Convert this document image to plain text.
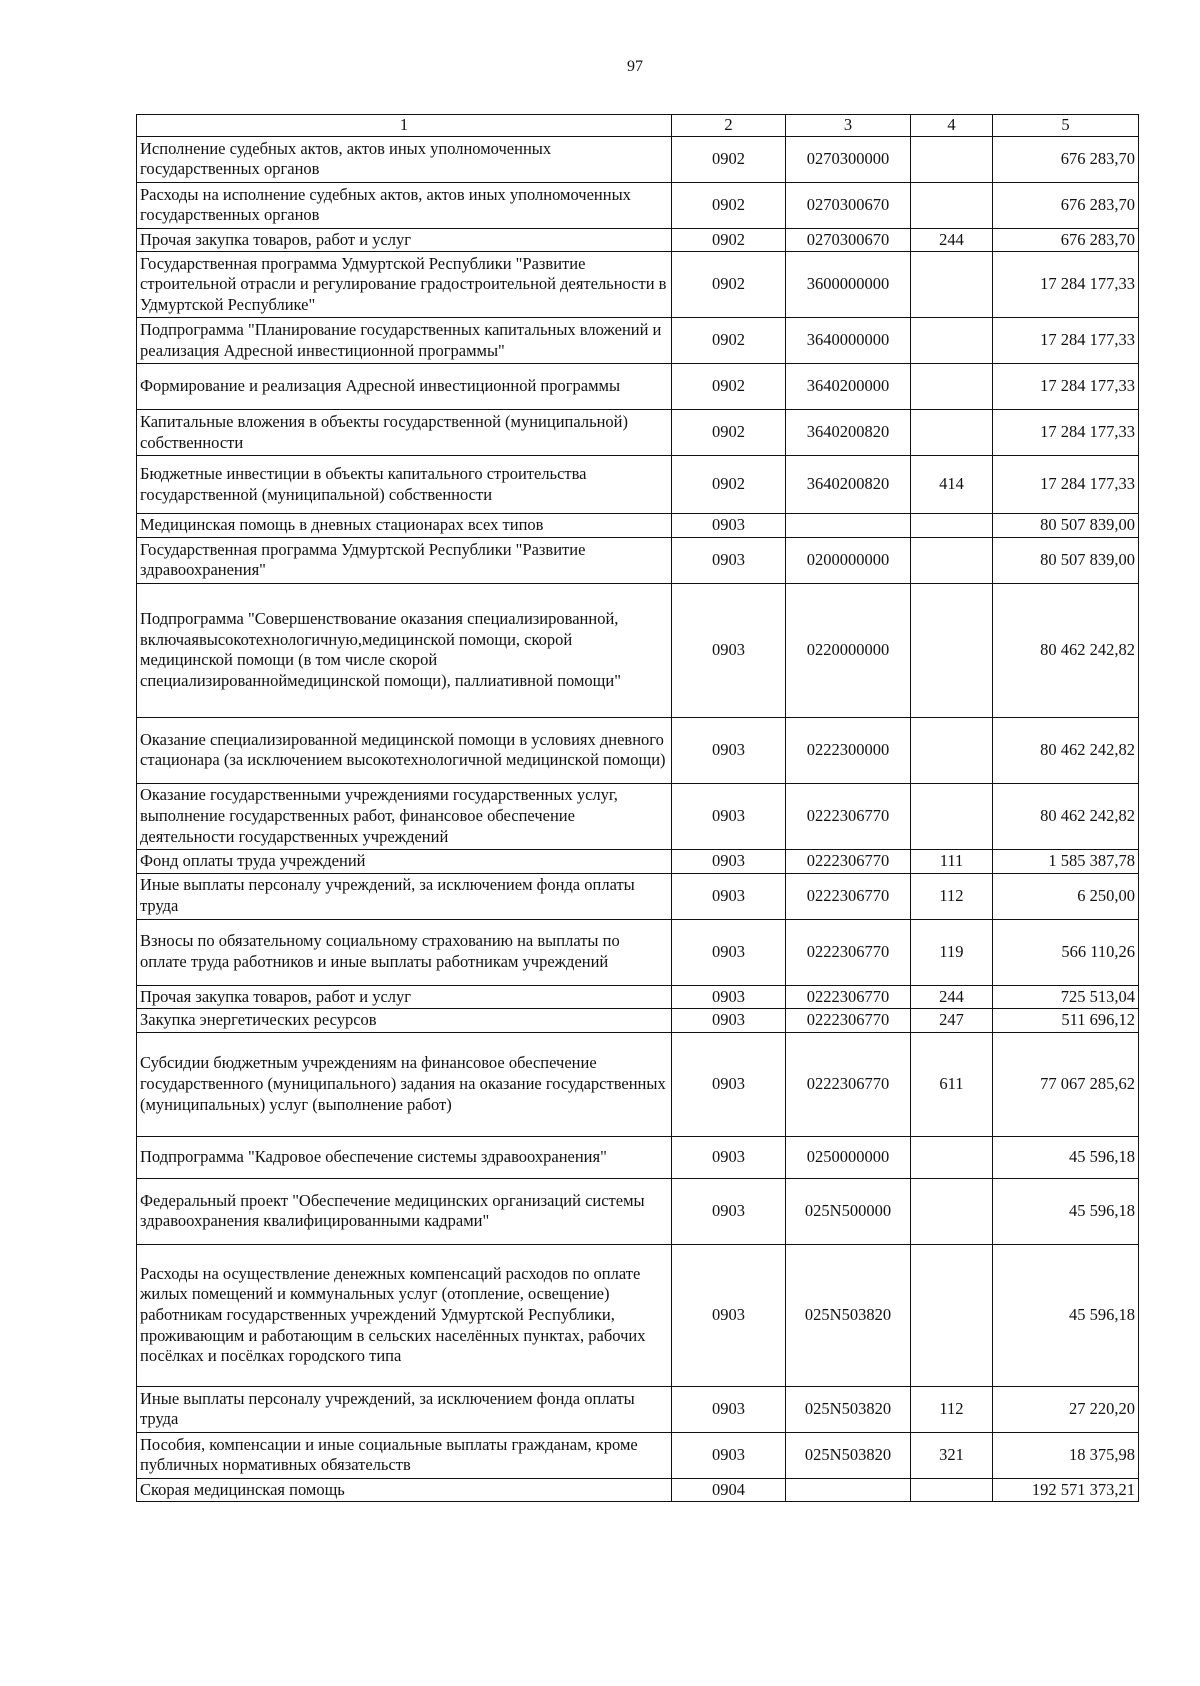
97
1	2	3	4	5
Исполнение судебных актов, актов иных уполномоченных государственных органов	0902	0270300000		676 283,70
Расходы на исполнение судебных актов, актов иных уполномоченных государственных органов	0902	0270300670		676 283,70
Прочая закупка товаров, работ и услуг	0902	0270300670	244	676 283,70
Государственная программа Удмуртской Республики "Развитие строительной отрасли и регулирование градостроительной деятельности в Удмуртской Республике"	0902	3600000000		17 284 177,33
Подпрограмма "Планирование государственных капитальных вложений и реализация Адресной инвестиционной программы"	0902	3640000000		17 284 177,33
Формирование и реализация Адресной инвестиционной программы	0902	3640200000		17 284 177,33
Капитальные вложения в объекты государственной (муниципальной) собственности	0902	3640200820		17 284 177,33
Бюджетные инвестиции в объекты капитального строительства государственной (муниципальной) собственности	0902	3640200820	414	17 284 177,33
Медицинская помощь в дневных стационарах всех типов	0903			80 507 839,00
Государственная программа Удмуртской Республики "Развитие здравоохранения"	0903	0200000000		80 507 839,00
Подпрограмма "Совершенствование оказания специализированной, включаявысокотехнологичную,медицинской помощи, скорой медицинской помощи (в том числе скорой специализированноймедицинской помощи), паллиативной помощи"	0903	0220000000		80 462 242,82
Оказание специализированной медицинской помощи в условиях дневного стационара (за исключением высокотехнологичной медицинской помощи)	0903	0222300000		80 462 242,82
Оказание государственными учреждениями государственных услуг, выполнение государственных работ, финансовое обеспечение деятельности государственных учреждений	0903	0222306770		80 462 242,82
Фонд оплаты труда учреждений	0903	0222306770	111	1 585 387,78
Иные выплаты персоналу учреждений, за исключением фонда оплаты труда	0903	0222306770	112	6 250,00
Взносы по обязательному социальному страхованию на выплаты по оплате труда работников и иные выплаты работникам учреждений	0903	0222306770	119	566 110,26
Прочая закупка товаров, работ и услуг	0903	0222306770	244	725 513,04
Закупка энергетических ресурсов	0903	0222306770	247	511 696,12
Субсидии бюджетным учреждениям на финансовое обеспечение государственного (муниципального) задания на оказание государственных (муниципальных) услуг (выполнение работ)	0903	0222306770	611	77 067 285,62
Подпрограмма "Кадровое обеспечение системы здравоохранения"	0903	0250000000		45 596,18
Федеральный проект "Обеспечение медицинских организаций системы здравоохранения квалифицированными кадрами"	0903	025N500000		45 596,18
Расходы на осуществление денежных компенсаций расходов по оплате жилых помещений и коммунальных услуг (отопление, освещение) работникам государственных учреждений Удмуртской Республики, проживающим и работающим в сельских населённых пунктах, рабочих посёлках и посёлках городского типа	0903	025N503820		45 596,18
Иные выплаты персоналу учреждений, за исключением фонда оплаты труда	0903	025N503820	112	27 220,20
Пособия, компенсации и иные социальные выплаты гражданам, кроме публичных нормативных обязательств	0903	025N503820	321	18 375,98
Скорая медицинская помощь	0904			192 571 373,21
